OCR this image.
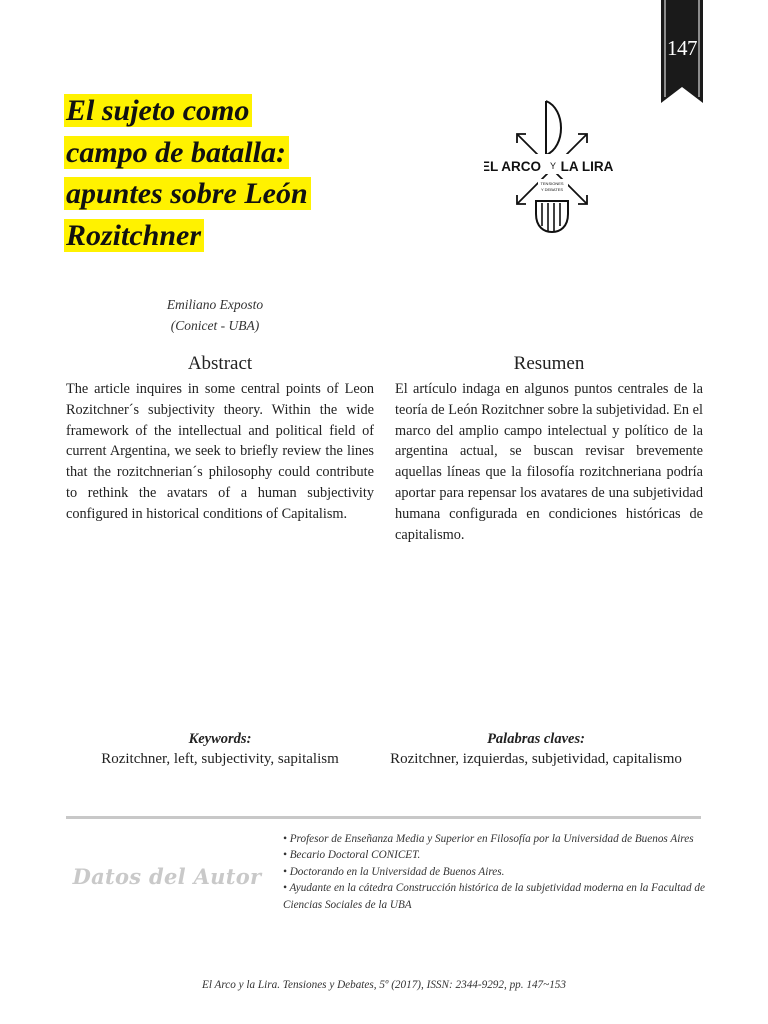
147
El sujeto como
campo de batalla:
apuntes sobre León
Rozitchner
EL ARCO Y LA LIRA
TENSIONES
Y DEBATES
Emiliano Exposto
(Conicet - UBA)
Abstract

The article inquires in some central points of Leon Rozitchner´s subjectivity theory. Within the wide framework of the intellectual and political field of current Argentina, we seek to briefly review the lines that the rozitchnerian´s philosophy could contribute to rethink the avatars of a human subjectivity configured in historical conditions of Capitalism.

Resumen

El artículo indaga en algunos puntos centrales de la teoría de León Rozitchner sobre la subjetividad. En el marco del amplio campo intelectual y político de la argentina actual, se buscan revisar brevemente aquellas líneas que la filosofía rozitchneriana podría aportar para repensar los avatares de una subjetividad humana configurada en condiciones históricas de capitalismo.

Keywords:
Rozitchner, left, subjectivity, sapitalism
Palabras claves:
Rozitchner, izquierdas, subjetividad, capitalismo
Datos del Autor
• Profesor de Enseñanza Media y Superior en Filosofía por la Universidad de Buenos Aires
• Becario Doctoral CONICET.
• Doctorando en la Universidad de Buenos Aires.
• Ayudante en la cátedra Construcción histórica de la subjetividad moderna en la Facultad de Ciencias Sociales de la UBA
El Arco y la Lira. Tensiones y Debates, 5º (2017), ISSN: 2344-9292, pp. 147~153
